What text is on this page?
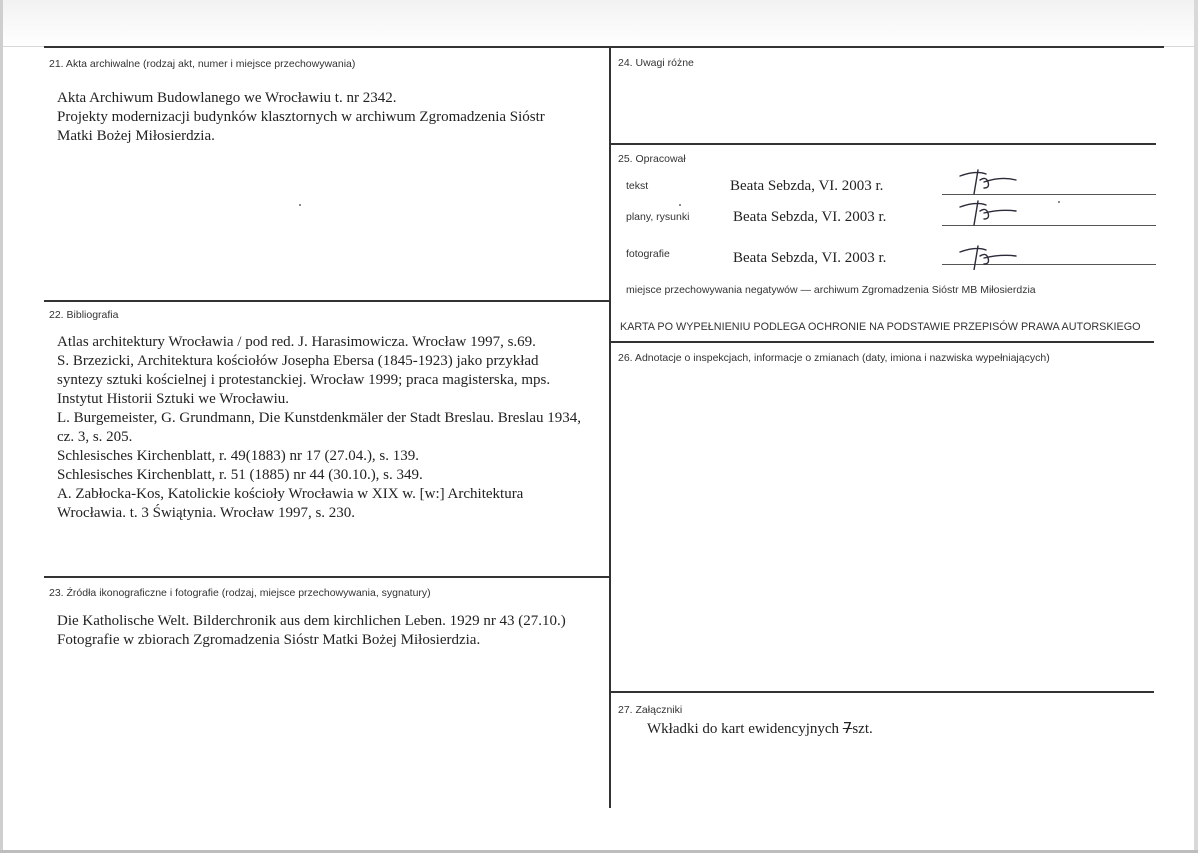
21. Akta archiwalne (rodzaj akt, numer i miejsce przechowywania)
Akta Archiwum Budowlanego we Wrocławiu t. nr 2342.
Projekty modernizacji budynków klasztornych w archiwum Zgromadzenia Sióstr
Matki Bożej Miłosierdzia.
22. Bibliografia
Atlas architektury Wrocławia / pod red. J. Harasimowicza. Wrocław 1997, s.69.
S. Brzezicki, Architektura kościołów Josepha Ebersa (1845-1923) jako przykład
syntezy sztuki kościelnej i protestanckiej. Wrocław 1999; praca magisterska, mps.
Instytut Historii Sztuki we Wrocławiu.
L. Burgemeister, G. Grundmann, Die Kunstdenkmäler der Stadt Breslau. Breslau 1934,
cz. 3, s. 205.
Schlesisches Kirchenblatt, r. 49(1883) nr 17 (27.04.), s. 139.
Schlesisches Kirchenblatt, r. 51 (1885) nr 44 (30.10.), s. 349.
A. Zabłocka-Kos, Katolickie kościoły Wrocławia w XIX w. [w:] Architektura
Wrocławia. t. 3 Świątynia. Wrocław 1997, s. 230.
23. Źródła ikonograficzne i fotografie (rodzaj, miejsce przechowywania, sygnatury)
Die Katholische Welt. Bilderchronik aus dem kirchlichen Leben. 1929 nr 43 (27.10.)
Fotografie w zbiorach Zgromadzenia Sióstr Matki Bożej Miłosierdzia.
24. Uwagi różne
25. Opracował
tekst	Beata Sebzda, VI. 2003 r.
plany, rysunki	Beata Sebzda, VI. 2003 r.
fotografie	Beata Sebzda, VI. 2003 r.
miejsce przechowywania negatywów — archiwum Zgromadzenia Sióstr MB Miłosierdzia
KARTA PO WYPEŁNIENIU PODLEGA OCHRONIE NA PODSTAWIE PRZEPISÓW PRAWA AUTORSKIEGO
26. Adnotacje o inspekcjach, informacje o zmianach (daty, imiona i nazwiska wypełniających)
27. Załączniki
Wkładki do kart ewidencyjnych 7szt.
